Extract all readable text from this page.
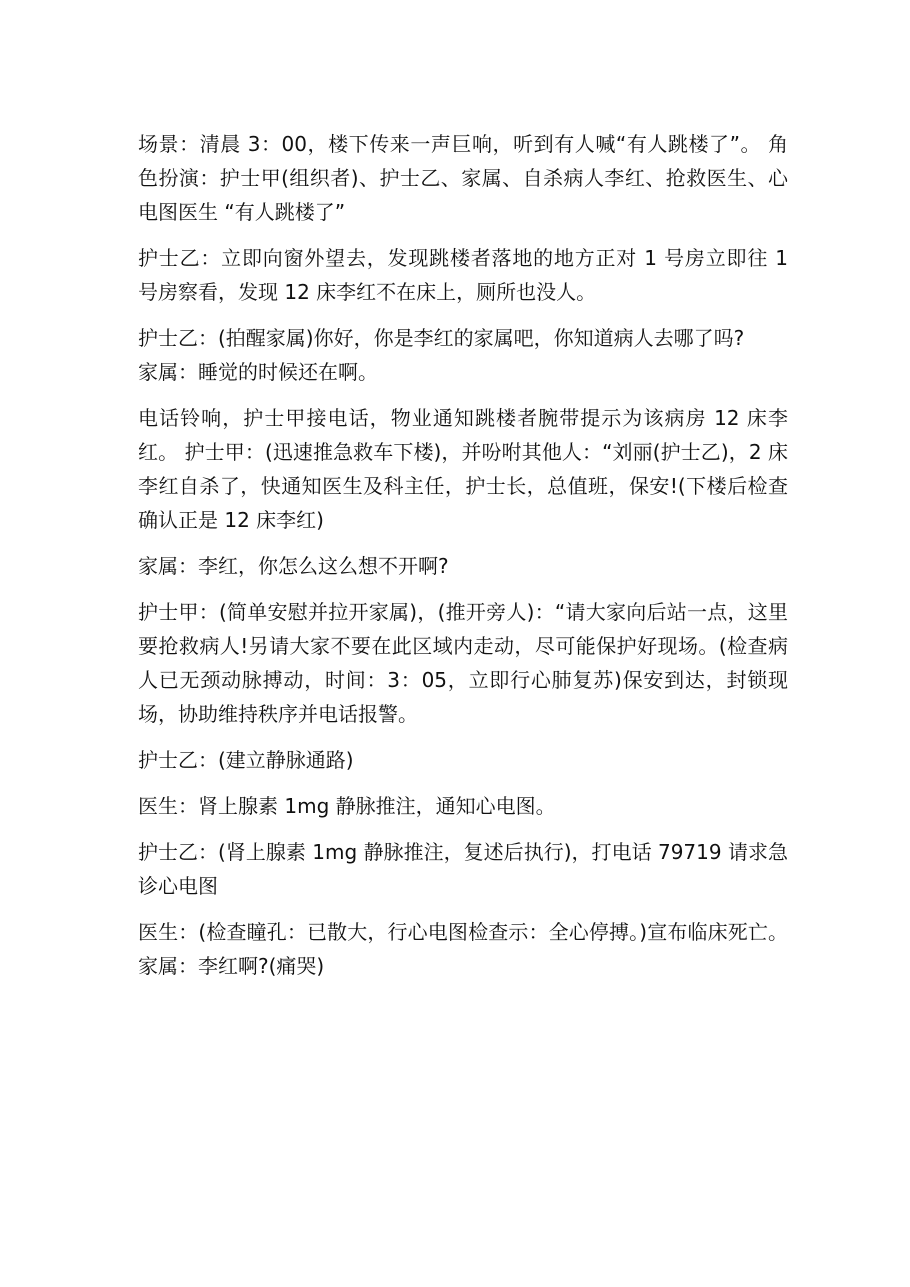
场景：清晨 3：00，楼下传来一声巨响，听到有人喊“有人跳楼了”。 角色扮演：护士甲(组织者)、护士乙、家属、自杀病人李红、抢救医生、心电图医生 “有人跳楼了”

护士乙：立即向窗外望去，发现跳楼者落地的地方正对 1 号房立即往 1 号房察看，发现 12 床李红不在床上，厕所也没人。

护士乙：(拍醒家属)你好，你是李红的家属吧，你知道病人去哪了吗?

家属：睡觉的时候还在啊。

电话铃响，护士甲接电话，物业通知跳楼者腕带提示为该病房 12 床李红。 护士甲：(迅速推急救车下楼)，并吩咐其他人：“刘丽(护士乙)，2 床李红自杀了，快通知医生及科主任，护士长，总值班，保安!(下楼后检查确认正是 12 床李红)

家属：李红，你怎么这么想不开啊?

护士甲：(简单安慰并拉开家属)，(推开旁人)：“请大家向后站一点，这里要抢救病人!另请大家不要在此区域内走动，尽可能保护好现场。(检查病人已无颈动脉搏动，时间：3：05，立即行心肺复苏)保安到达，封锁现场，协助维持秩序并电话报警。

护士乙：(建立静脉通路)

医生：肾上腺素 1mg 静脉推注，通知心电图。

护士乙：(肾上腺素 1mg 静脉推注，复述后执行)，打电话 79719 请求急诊心电图

医生：(检查瞳孔：已散大，行心电图检查示：全心停搏。)宣布临床死亡。 家属：李红啊?(痛哭)
